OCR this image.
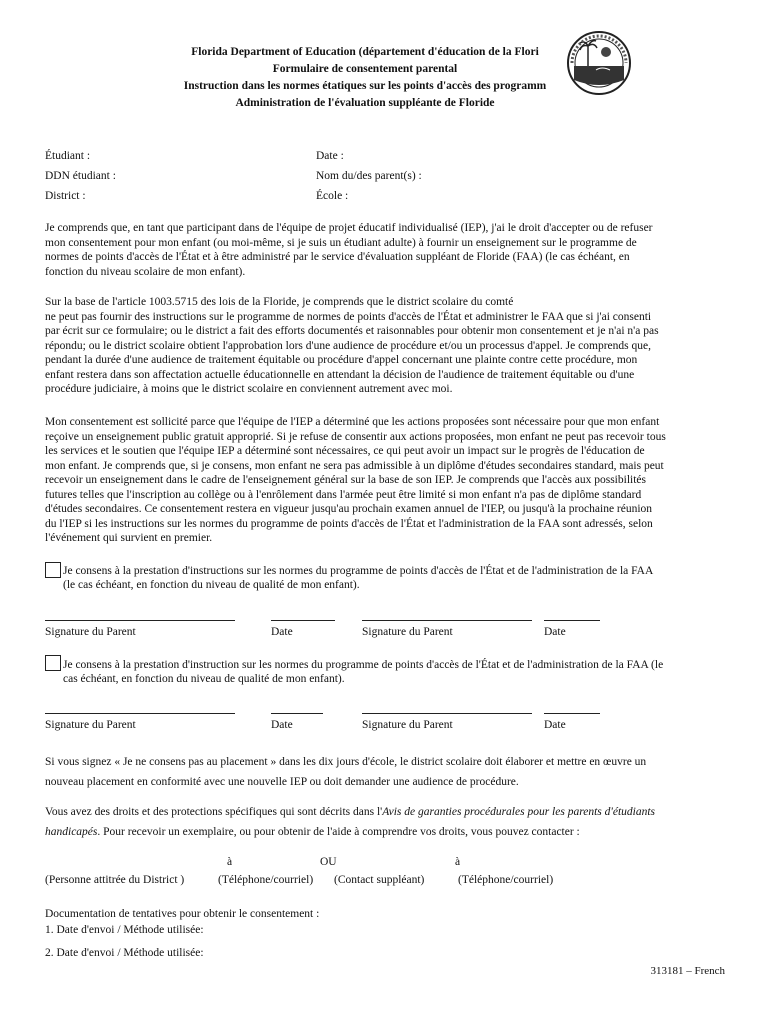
Florida Department of Education (département d'éducation de la Flori
Formulaire de consentement parental
Instruction dans les normes étatiques sur les points d'accès des programm
Administration de l'évaluation suppléante de Floride
Étudiant :	Date :
DDN étudiant :	Nom du/des parent(s) :
District :	École :
Je comprends que, en tant que participant dans de l'équipe de projet éducatif individualisé (IEP), j'ai le droit d'accepter ou de refuser
mon consentement pour mon enfant (ou moi-même, si je suis un étudiant adulte) à fournir un enseignement sur le programme de
normes de points d'accès de l'État et à être administré par le service d'évaluation suppléant de Floride (FAA) (le cas échéant, en
fonction du niveau scolaire de mon enfant).
Sur la base de l'article 1003.5715 des lois de la Floride, je comprends que le district scolaire du comté
ne peut pas fournir des instructions sur le programme de normes de points d'accès de l'État et administrer le FAA que si j'ai consenti
par écrit sur ce formulaire; ou le district a fait des efforts documentés et raisonnables pour obtenir mon consentement et je n'ai n'a pas
répondu; ou le district scolaire obtient l'approbation lors d'une audience de procédure et/ou un processus d'appel. Je comprends que,
pendant la durée d'une audience de traitement équitable ou procédure d'appel concernant une plainte contre cette procédure, mon
enfant restera dans son affectation actuelle éducationnelle en attendant la décision de l'audience de traitement équitable ou d'une
procédure judiciaire, à moins que le district scolaire en conviennent autrement avec moi.
Mon consentement est sollicité parce que l'équipe de l'IEP a déterminé que les actions proposées sont nécessaire pour que mon enfant
reçoive un enseignement public gratuit approprié. Si je refuse de consentir aux actions proposées, mon enfant ne peut pas recevoir tous
les services et le soutien que l'équipe IEP a déterminé sont nécessaires, ce qui peut avoir un impact sur le progrès de l'éducation de
mon enfant. Je comprends que, si je consens, mon enfant ne sera pas admissible à un diplôme d'études secondaires standard, mais peut
recevoir un enseignement dans le cadre de l'enseignement général sur la base de son IEP. Je comprends que l'accès aux possibilités
futures telles que l'inscription au collège ou à l'enrôlement dans l'armée peut être limité si mon enfant n'a pas de diplôme standard
d'études secondaires. Ce consentement restera en vigueur jusqu'au prochain examen annuel de l'IEP, ou jusqu'à la prochaine réunion
du l'IEP si les instructions sur les normes du programme de points d'accès de l'État et l'administration de la FAA sont adressés, selon
l'événement qui survient en premier.
Je consens à la prestation d'instructions sur les normes du programme de points d'accès de l'État et de l'administration de la FAA
(le cas échéant, en fonction du niveau de qualité de mon enfant).
Signature du Parent	Date	Signature du Parent	Date
Je consens à la prestation d'instruction sur les normes du programme de points d'accès de l'État et de l'administration de la FAA (le
cas échéant, en fonction du niveau de qualité de mon enfant).
Signature du Parent	Date	Signature du Parent	Date
Si vous signez « Je ne consens pas au placement » dans les dix jours d'école, le district scolaire doit élaborer et mettre en œuvre un
nouveau placement en conformité avec une nouvelle IEP ou doit demander une audience de procédure.
Vous avez des droits et des protections spécifiques qui sont décrits dans l'Avis de garanties procédurales pour les parents d'étudiants
handicapés. Pour recevoir un exemplaire, ou pour obtenir de l'aide à comprendre vos droits, vous pouvez contacter :
à	OU	à
(Personne attitrée du District )	(Téléphone/courriel) (Contact suppléant)	(Téléphone/courriel)
Documentation de tentatives pour obtenir le consentement :
1. Date d'envoi / Méthode utilisée:
2. Date d'envoi / Méthode utilisée:
313181 – French
